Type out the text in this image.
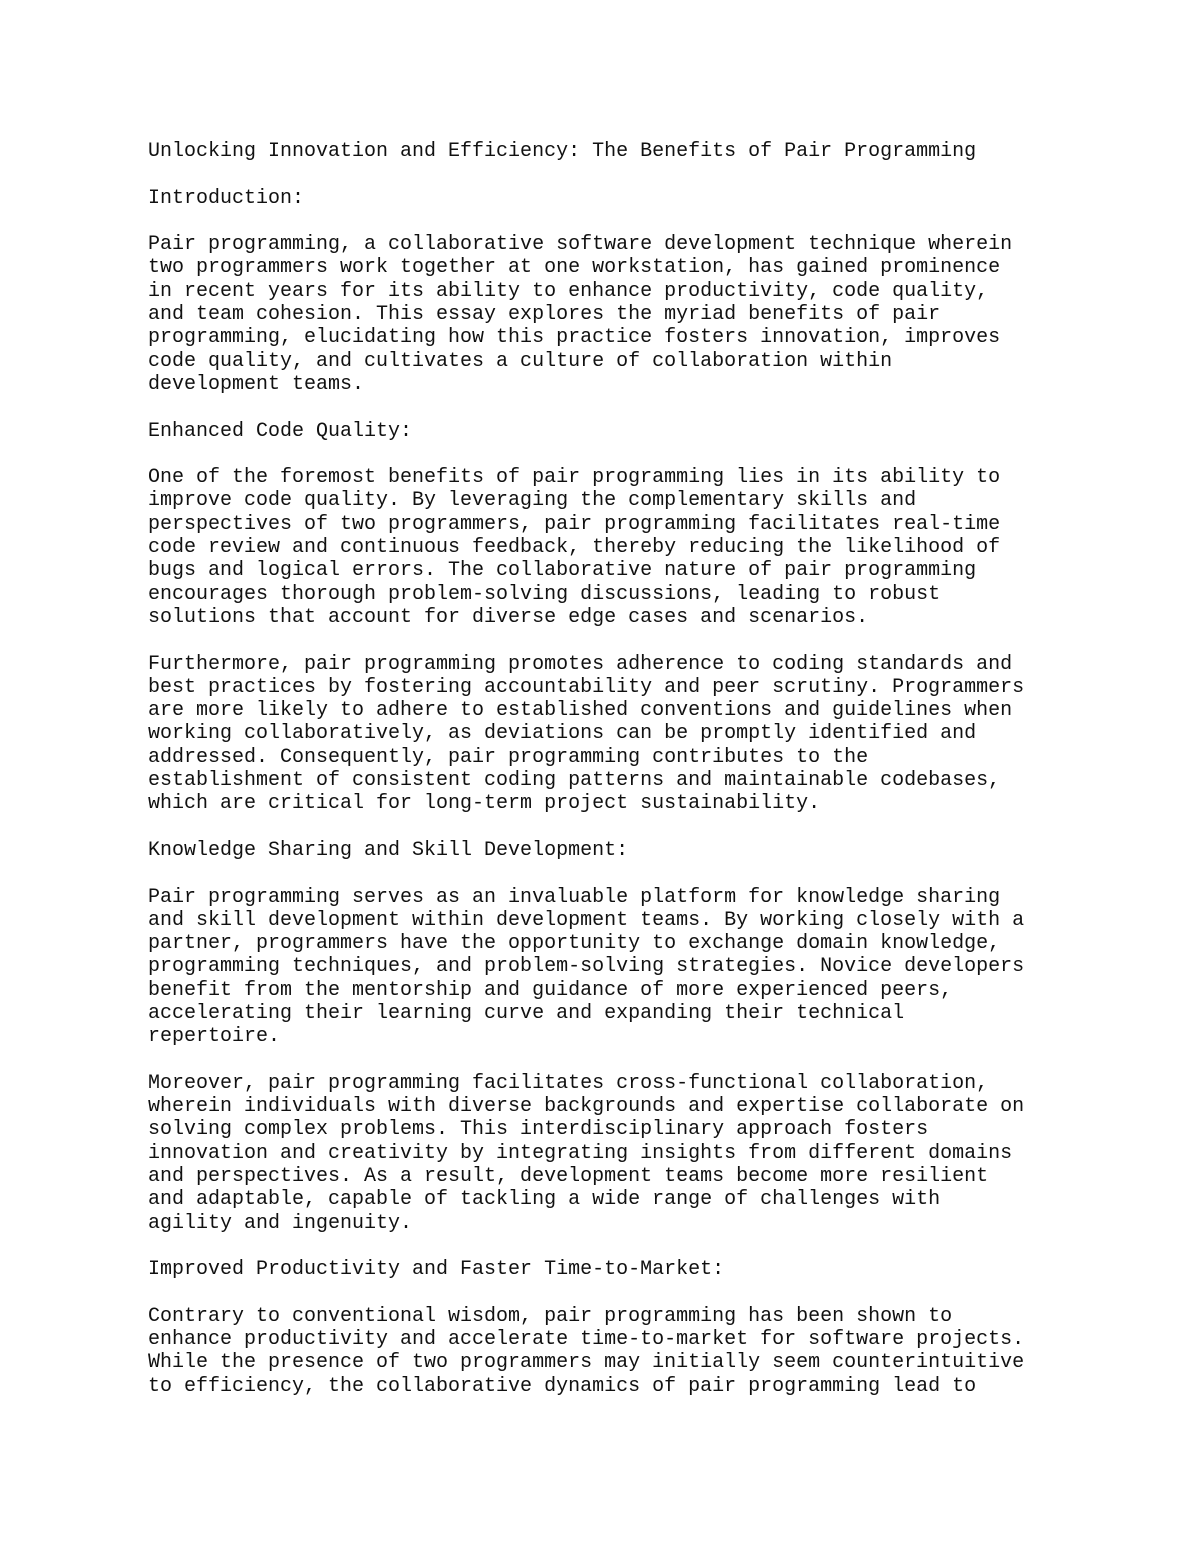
Unlocking Innovation and Efficiency: The Benefits of Pair Programming
Introduction:
Pair programming, a collaborative software development technique wherein
two programmers work together at one workstation, has gained prominence
in recent years for its ability to enhance productivity, code quality,
and team cohesion. This essay explores the myriad benefits of pair
programming, elucidating how this practice fosters innovation, improves
code quality, and cultivates a culture of collaboration within
development teams.
Enhanced Code Quality:
One of the foremost benefits of pair programming lies in its ability to
improve code quality. By leveraging the complementary skills and
perspectives of two programmers, pair programming facilitates real-time
code review and continuous feedback, thereby reducing the likelihood of
bugs and logical errors. The collaborative nature of pair programming
encourages thorough problem-solving discussions, leading to robust
solutions that account for diverse edge cases and scenarios.
Furthermore, pair programming promotes adherence to coding standards and
best practices by fostering accountability and peer scrutiny. Programmers
are more likely to adhere to established conventions and guidelines when
working collaboratively, as deviations can be promptly identified and
addressed. Consequently, pair programming contributes to the
establishment of consistent coding patterns and maintainable codebases,
which are critical for long-term project sustainability.
Knowledge Sharing and Skill Development:
Pair programming serves as an invaluable platform for knowledge sharing
and skill development within development teams. By working closely with a
partner, programmers have the opportunity to exchange domain knowledge,
programming techniques, and problem-solving strategies. Novice developers
benefit from the mentorship and guidance of more experienced peers,
accelerating their learning curve and expanding their technical
repertoire.
Moreover, pair programming facilitates cross-functional collaboration,
wherein individuals with diverse backgrounds and expertise collaborate on
solving complex problems. This interdisciplinary approach fosters
innovation and creativity by integrating insights from different domains
and perspectives. As a result, development teams become more resilient
and adaptable, capable of tackling a wide range of challenges with
agility and ingenuity.
Improved Productivity and Faster Time-to-Market:
Contrary to conventional wisdom, pair programming has been shown to
enhance productivity and accelerate time-to-market for software projects.
While the presence of two programmers may initially seem counterintuitive
to efficiency, the collaborative dynamics of pair programming lead to
